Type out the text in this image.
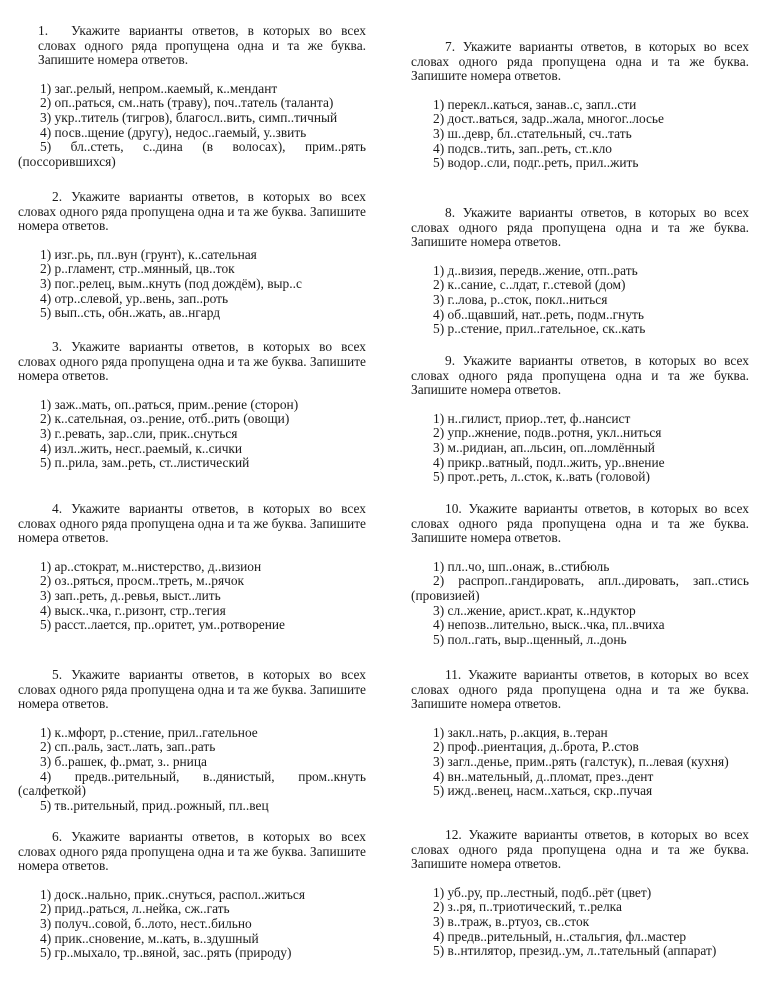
1. Укажите варианты ответов, в которых во всех словах одного ряда пропущена одна и та же буква. Запишите номера ответов.

1) заг..релый, непром..каемый, к..мендант

2) оп..раться, см..нать (траву), поч..татель (таланта)

3) укр..титель (тигров), благосл..вить, симп..тичный

4) посв..щение (другу), недос..гаемый, у..звить

5) бл..стеть, с..дина (в волосах), прим..рять (поссорившихся)

2. Укажите варианты ответов, в которых во всех словах одного ряда пропущена одна и та же буква. Запишите номера ответов.

1) изг..рь, пл..вун (грунт), к..сательная

2) р..гламент, стр..мянный, цв..ток

3) пог..релец, вым..кнуть (под дождём), выр..с

4) отр..слевой, ур..вень, зап..роть

5) вып..сть, обн..жать, ав..нгард

3. Укажите варианты ответов, в которых во всех словах одного ряда пропущена одна и та же буква. Запишите номера ответов.

1) заж..мать, оп..раться, прим..рение (сторон)

2) к..сательная, оз..рение, отб..рить (овощи)

3) г..ревать, зар..сли, прик..снуться

4) изл..жить, несг..раемый, к..сички

5) п..рила, зам..реть, ст..листический

4. Укажите варианты ответов, в которых во всех словах одного ряда пропущена одна и та же буква. Запишите номера ответов.

1) ар..стократ, м..нистерство, д..визион

2) оз..ряться, просм..треть, м..рячок

3) зап..реть, д..ревья, выст..лить

4) выск..чка, г..ризонт, стр..тегия

5) расст..лается, пр..оритет, ум..ротворение

5. Укажите варианты ответов, в которых во всех словах одного ряда пропущена одна и та же буква. Запишите номера ответов.

1) к..мфорт, р..стение, прил..гательное

2) сп..раль, заст..лать, зап..рать

3) б..рашек, ф..рмат, з.. рница

4) предв..рительный, в..дянистый, пром..кнуть (салфеткой)

5) тв..рительный, прид..рожный, пл..вец

6. Укажите варианты ответов, в которых во всех словах одного ряда пропущена одна и та же буква. Запишите номера ответов.

1) доск..нально, прик..снуться, распол..житься

2) прид..раться, л..нейка, сж..гать

3) получ..совой, б..лото, нест..бильно

4) прик..сновение, м..кать, в..здушный

5) гр..мыхало, тр..вяной, зас..рять (природу)

7. Укажите варианты ответов, в которых во всех словах одного ряда пропущена одна и та же буква. Запишите номера ответов.

1) перекл..каться, занав..с, запл..сти

2) дост..ваться, задр..жала, многог..лосье

3) ш..девр, бл..стательный, сч..тать

4) подсв..тить, зап..реть, ст..кло

5) водор..сли, подг..реть, прил..жить

8. Укажите варианты ответов, в которых во всех словах одного ряда пропущена одна и та же буква. Запишите номера ответов.

1) д..визия, передв..жение, отп..рать

2) к..сание, с..лдат, г..стевой (дом)

3) г..лова, р..сток, покл..ниться

4) об..щавший, нат..реть, подм..гнуть

5) р..стение, прил..гательное, ск..кать

9. Укажите варианты ответов, в которых во всех словах одного ряда пропущена одна и та же буква. Запишите номера ответов.

1) н..гилист, приор..тет, ф..нансист

2) упр..жнение, подв..ротня, укл..ниться

3) м..ридиан, ап..льсин, оп..ломлённый

4) прикр..ватный, подл..жить, ур..внение

5) прот..реть, л..сток, к..вать (головой)

10. Укажите варианты ответов, в которых во всех словах одного ряда пропущена одна и та же буква. Запишите номера ответов.

1) пл..чо, шп..онаж, в..стибюль

2) распроп..гандировать, апл..дировать, зап..стись (провизией)

3) сл..жение, арист..крат, к..ндуктор

4) непозв..лительно, выск..чка, пл..вчиха

5) пол..гать, выр..щенный, л..донь

11. Укажите варианты ответов, в которых во всех словах одного ряда пропущена одна и та же буква. Запишите номера ответов.

1) закл..нать, р..акция, в..теран

2) проф..риентация, д..брота, Р..стов

3) загл..денье, прим..рять (галстук), п..левая (кухня)

4) вн..мательный, д..пломат, през..дент

5) ижд..венец, насм..хаться, скр..пучая

12. Укажите варианты ответов, в которых во всех словах одного ряда пропущена одна и та же буква. Запишите номера ответов.

1) уб..ру, пр..лестный, подб..рёт (цвет)

2) з..ря, п..триотический, т..релка

3) в..траж, в..ртуоз, св..сток

4) предв..рительный, н..стальгия, фл..мастер

5) в..нтилятор, презид..ум, л..тательный (аппарат)
